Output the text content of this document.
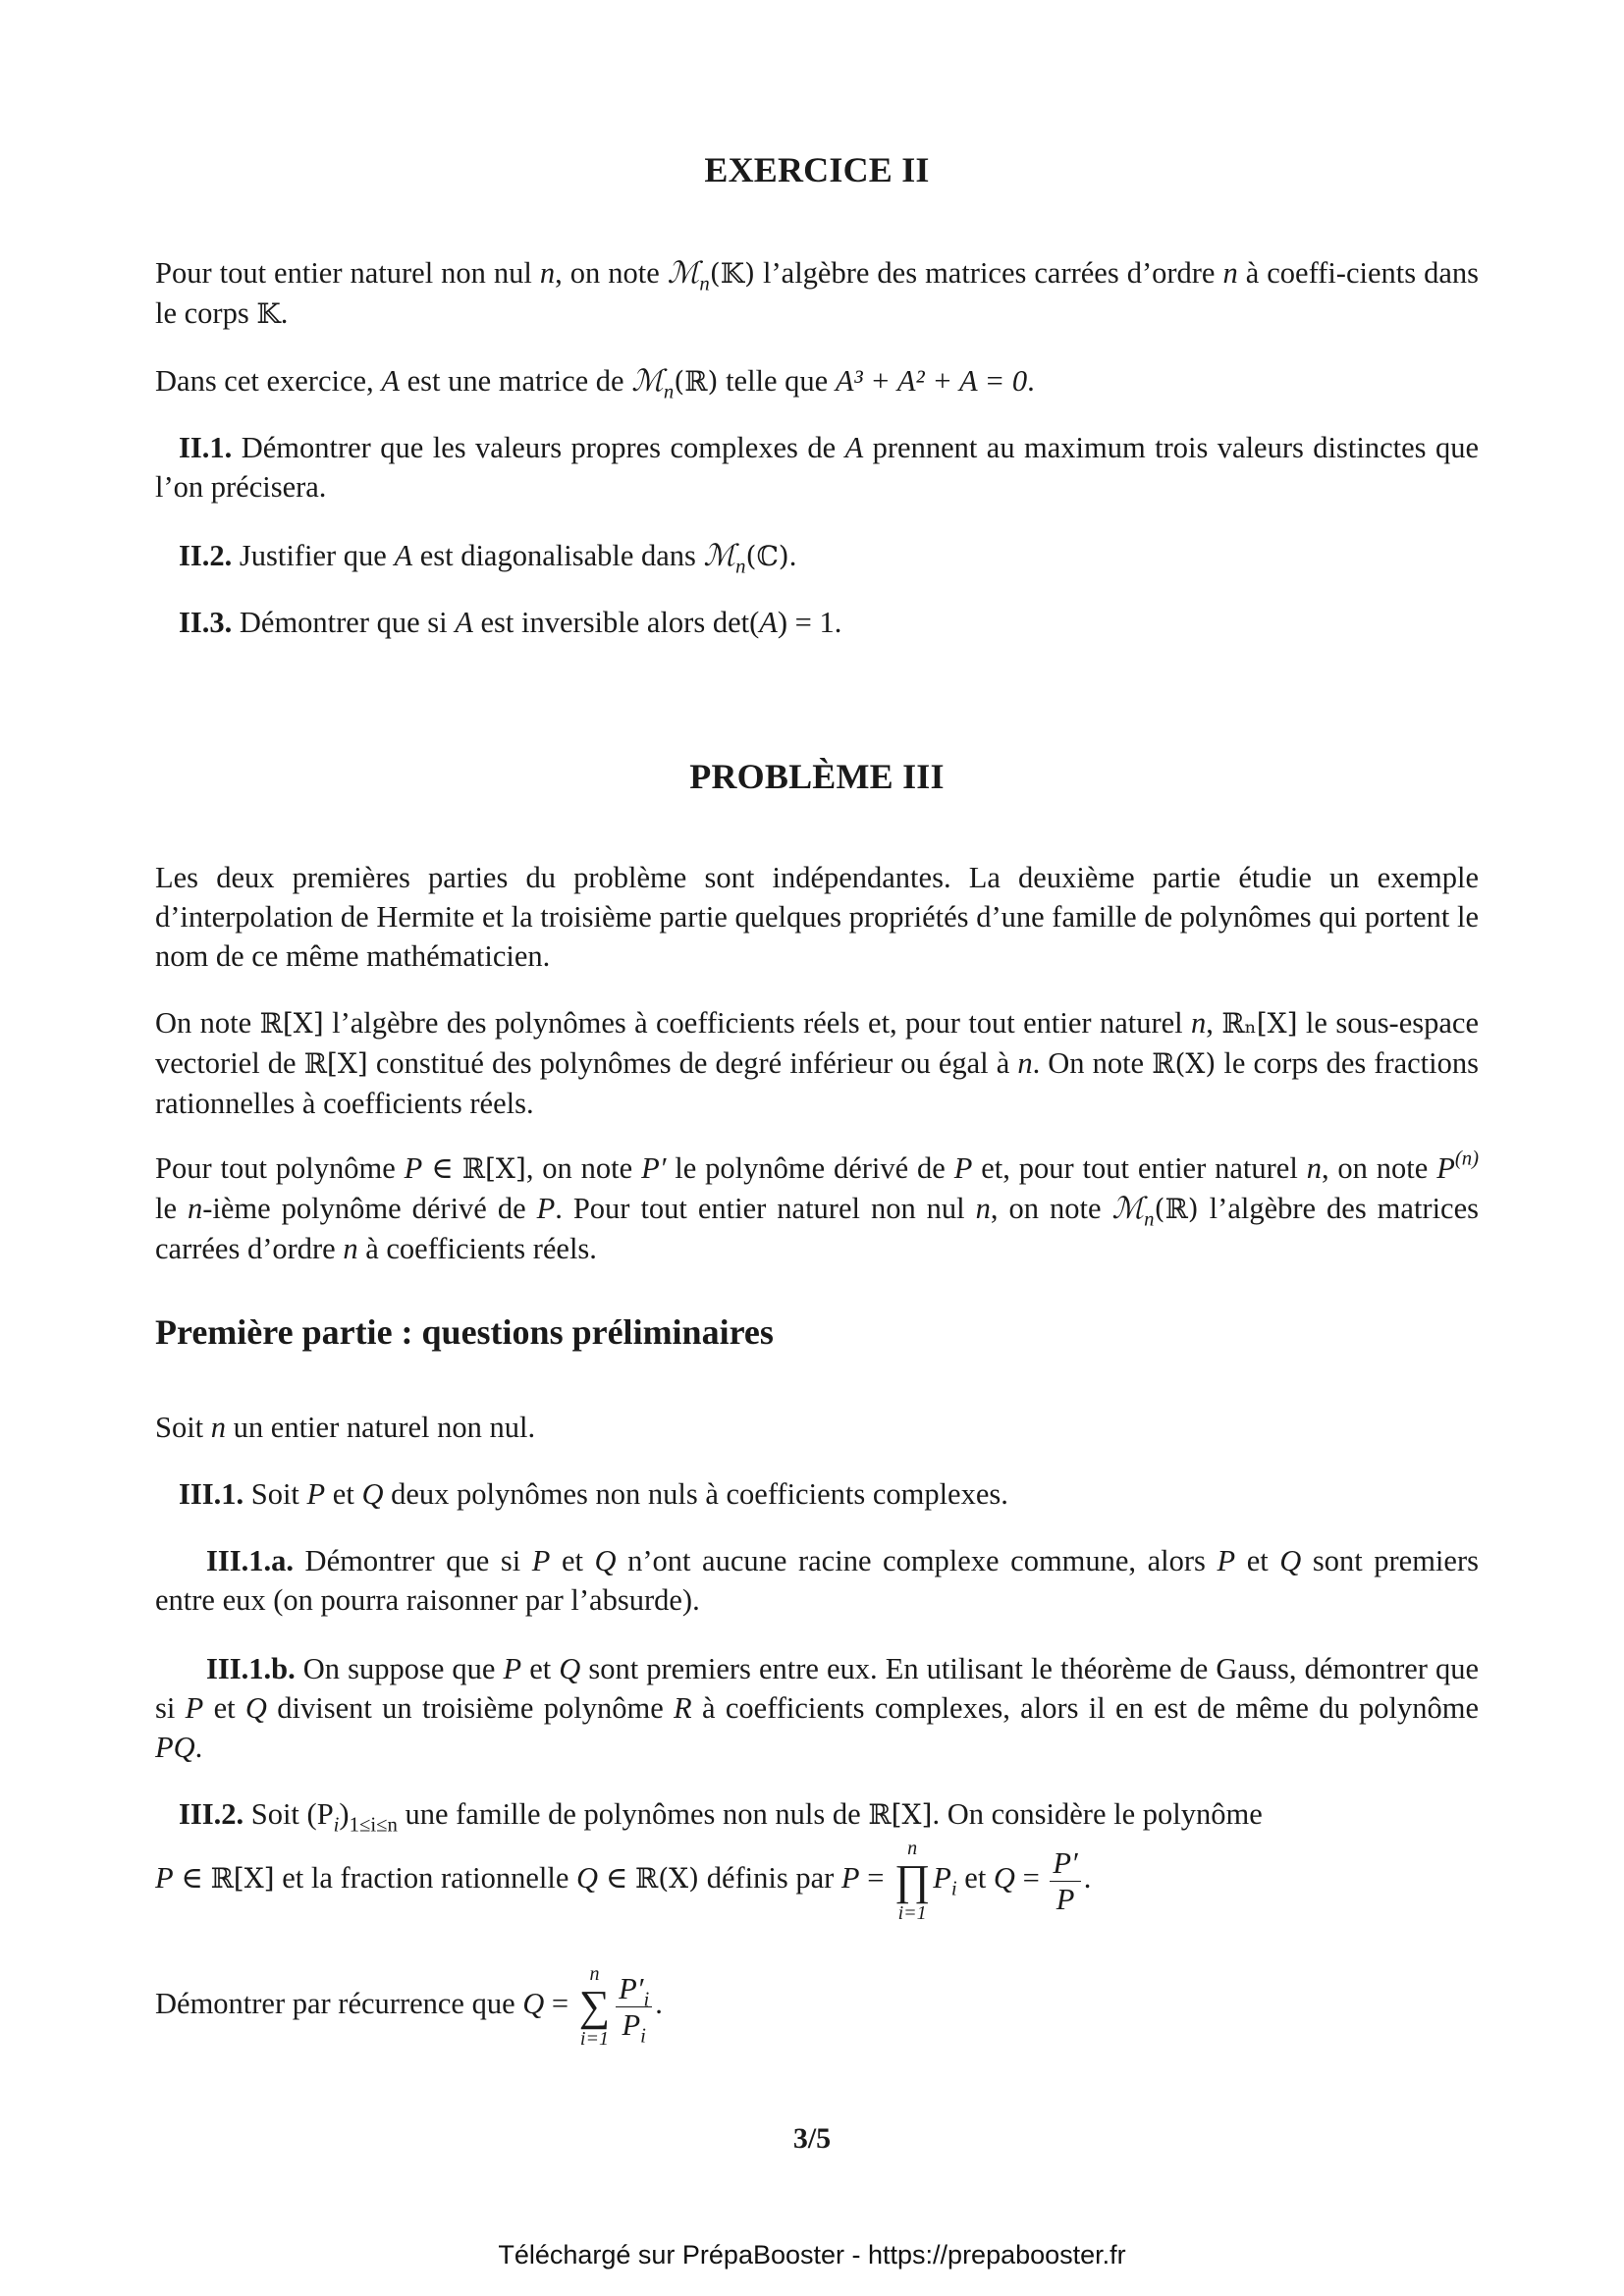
EXERCICE II
Pour tout entier naturel non nul n, on note ℳ$_n$(𝕂) l’algèbre des matrices carrées d’ordre n à coeffi-cients dans le corps 𝕂.
Dans cet exercice, A est une matrice de ℳ$_n$(ℝ) telle que A³ + A² + A = 0.
II.1. Démontrer que les valeurs propres complexes de A prennent au maximum trois valeurs distinctes que l’on précisera.
II.2. Justifier que A est diagonalisable dans ℳ$_n$(ℂ).
II.3. Démontrer que si A est inversible alors det(A) = 1.
PROBLÈME III
Les deux premières parties du problème sont indépendantes. La deuxième partie étudie un exemple d’interpolation de Hermite et la troisième partie quelques propriétés d’une famille de polynômes qui portent le nom de ce même mathématicien.
On note ℝ[X] l’algèbre des polynômes à coefficients réels et, pour tout entier naturel n, ℝₙ[X] le sous-espace vectoriel de ℝ[X] constitué des polynômes de degré inférieur ou égal à n. On note ℝ(X) le corps des fractions rationnelles à coefficients réels.
Pour tout polynôme P ∈ ℝ[X], on note P′ le polynôme dérivé de P et, pour tout entier naturel n, on note $P^{(n)}$ le n-ième polynôme dérivé de P. Pour tout entier naturel non nul n, on note ℳ$_n$(ℝ) l’algèbre des matrices carrées d’ordre n à coefficients réels.
Première partie : questions préliminaires
Soit n un entier naturel non nul.
III.1. Soit P et Q deux polynômes non nuls à coefficients complexes.
III.1.a. Démontrer que si P et Q n’ont aucune racine complexe commune, alors P et Q sont premiers entre eux (on pourra raisonner par l’absurde).
III.1.b. On suppose que P et Q sont premiers entre eux. En utilisant le théorème de Gauss, démontrer que si P et Q divisent un troisième polynôme R à coefficients complexes, alors il en est de même du polynôme PQ.
III.2. Soit $(P_i)_{1\le i\le n}$ une famille de polynômes non nuls de ℝ[X]. On considère le polynôme
P ∈ ℝ[X] et la fraction rationnelle Q ∈ ℝ(X) définis par P =
n
∏
i=1
$P_i$ et $Q = \frac{P'}{P}$ .
Démontrer par récurrence que Q =
n
∑
$i=1 \frac{P'_i}{P_i}$ .
3/5
Téléchargé sur PrépaBooster - https://prepabooster.fr
